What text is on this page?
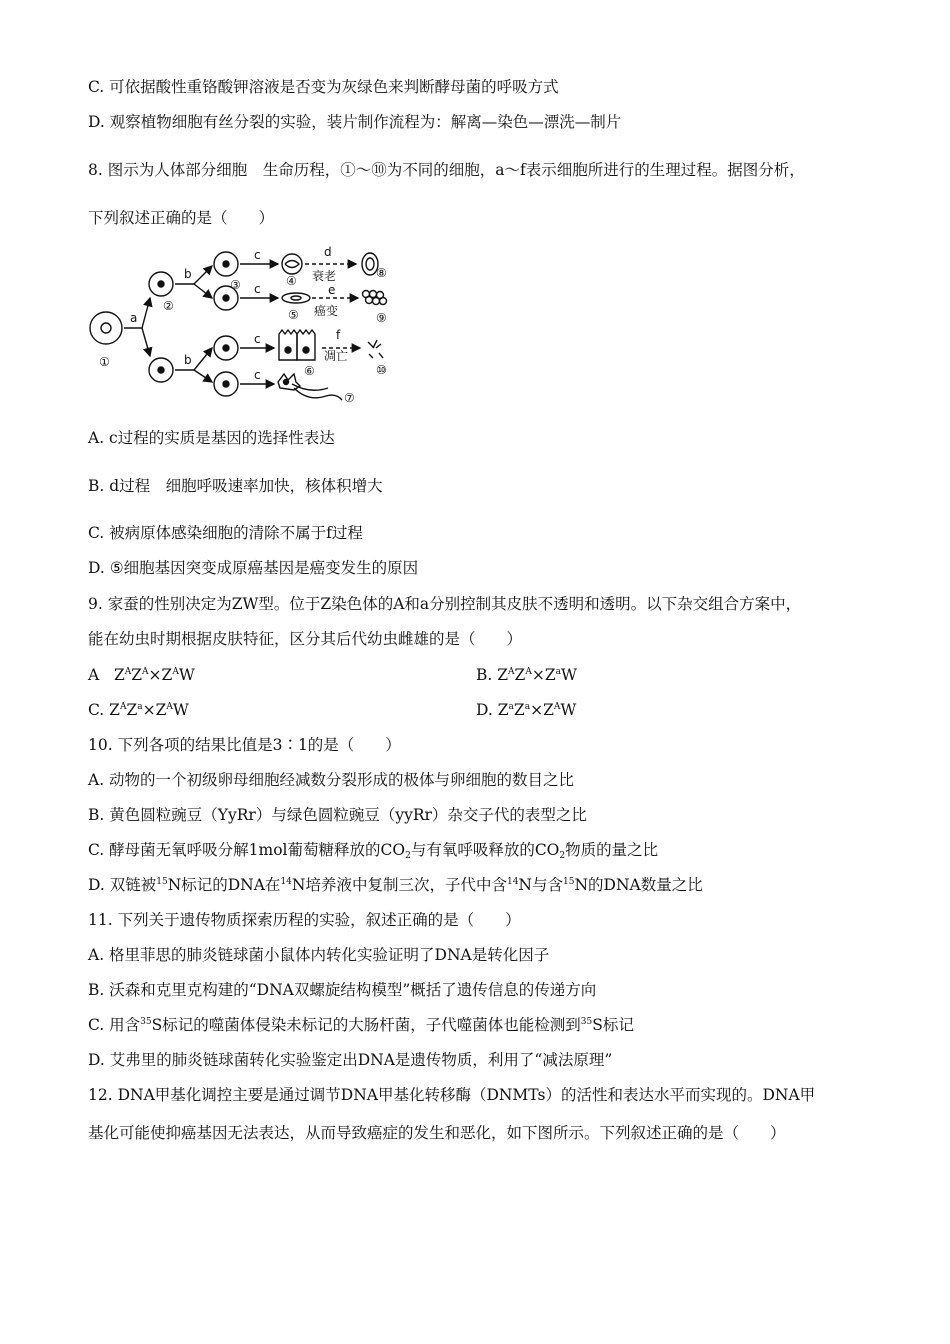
C. 可依据酸性重铬酸钾溶液是否变为灰绿色来判断酵母菌的呼吸方式
D. 观察植物细胞有丝分裂的实验，装片制作流程为：解离—染色—漂洗—制片
8. 图示为人体部分细胞　生命历程，①～⑩为不同的细胞，a～f表示细胞所进行的生理过程。据图分析，
下列叙述正确的是（　　）
a
b
b
c
c
c
c
d
e
f
衰老
癌变
凋亡
①
②
③	④
⑤
⑥
⑦
⑧
⑨
⑩
A. c过程的实质是基因的选择性表达
B. d过程　细胞呼吸速率加快，核体积增大
C. 被病原体感染细胞的清除不属于f过程
D. ⑤细胞基因突变成原癌基因是癌变发生的原因
9. 家蚕的性别决定为ZW型。位于Z染色体的A和a分别控制其皮肤不透明和透明。以下杂交组合方案中，
能在幼虫时期根据皮肤特征，区分其后代幼虫雌雄的是（　　）
A $Z^AZ^A\times Z^AW$	B. $Z^AZ^A\times Z^aW$
C. $Z^AZ^a\times Z^AW$	D. $Z^aZ^a\times Z^AW$
10. 下列各项的结果比值是3∶1的是（　　）
A. 动物的一个初级卵母细胞经减数分裂形成的极体与卵细胞的数目之比
B. 黄色圆粒豌豆（YyRr）与绿色圆粒豌豆（yyRr）杂交子代的表型之比
C. 酵母菌无氧呼吸分解1mol葡萄糖释放的$CO_2$与有氧呼吸释放的$CO_2$物质的量之比
D. 双链被$^{15}$N标记的DNA在$^{14}$N培养液中复制三次，子代中含$^{14}$N与含$^{15}$N的DNA数量之比
11. 下列关于遗传物质探索历程的实验，叙述正确的是（　　）
A. 格里菲思的肺炎链球菌小鼠体内转化实验证明了DNA是转化因子
B. 沃森和克里克构建的“DNA双螺旋结构模型”概括了遗传信息的传递方向
C. 用含$^{35}$S标记的噬菌体侵染未标记的大肠杆菌，子代噬菌体也能检测到$^{35}$S标记
D. 艾弗里的肺炎链球菌转化实验鉴定出DNA是遗传物质，利用了“减法原理”
12. DNA甲基化调控主要是通过调节DNA甲基化转移酶（DNMTs）的活性和表达水平而实现的。DNA甲
基化可能使抑癌基因无法表达，从而导致癌症的发生和恶化，如下图所示。下列叙述正确的是（　　）
